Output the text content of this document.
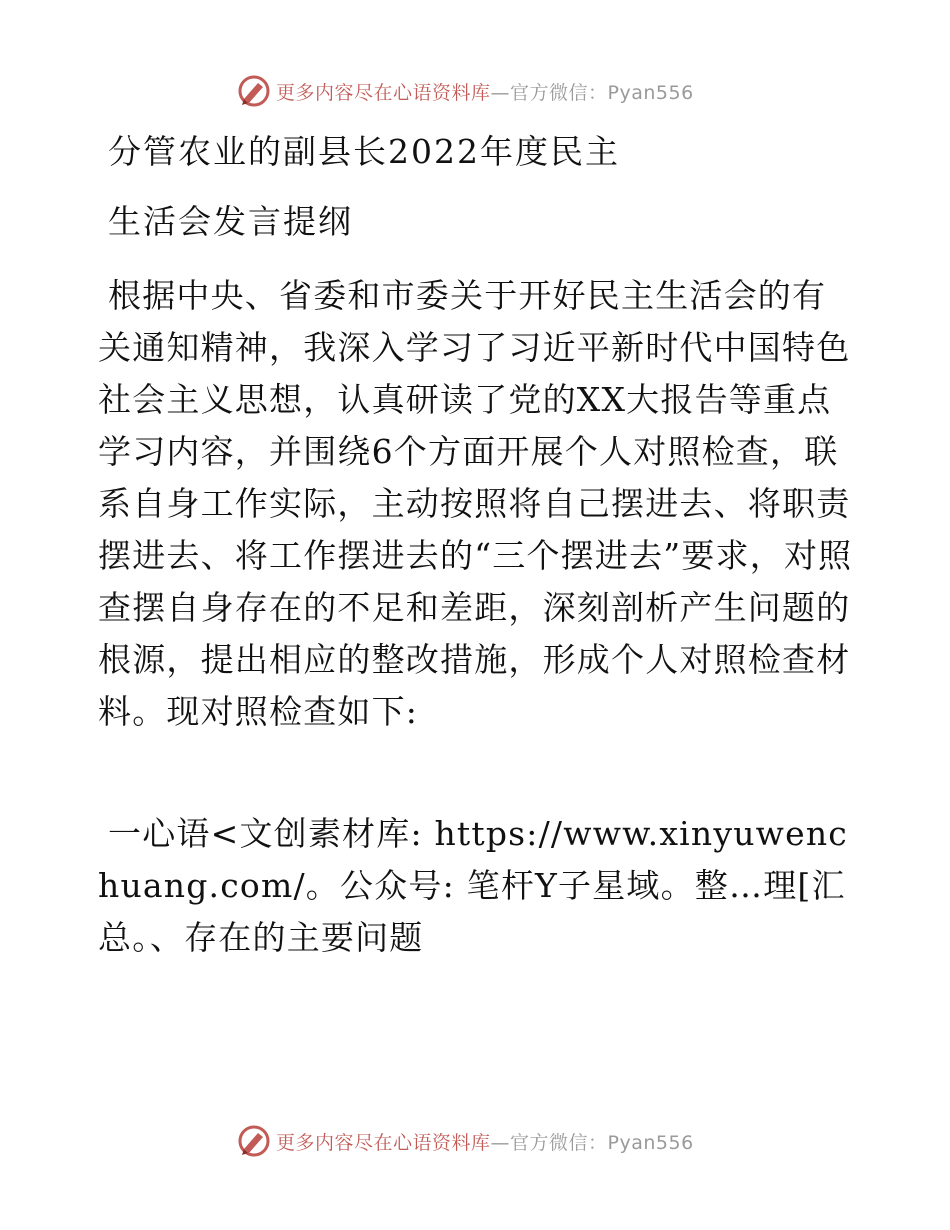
更多内容尽在心语资料库—官方微信：Pyan556
分管农业的副县长2022年度民主
生活会发言提纲
根据中央、省委和市委关于开好民主生活会的有关通知精神，我深入学习了习近平新时代中国特色社会主义思想，认真研读了党的XX大报告等重点学习内容，并围绕6个方面开展个人对照检查，联系自身工作实际，主动按照将自己摆进去、将职责摆进去、将工作摆进去的“三个摆进去”要求，对照查摆自身存在的不足和差距，深刻剖析产生问题的根源，提出相应的整改措施，形成个人对照检查材料。现对照检查如下:
一心语<文创素材库: https://www.xinyuwenchuang.com/。公众号: 笔杆Y子星域。整…理[汇总。、存在的主要问题
更多内容尽在心语资料库—官方微信：Pyan556
